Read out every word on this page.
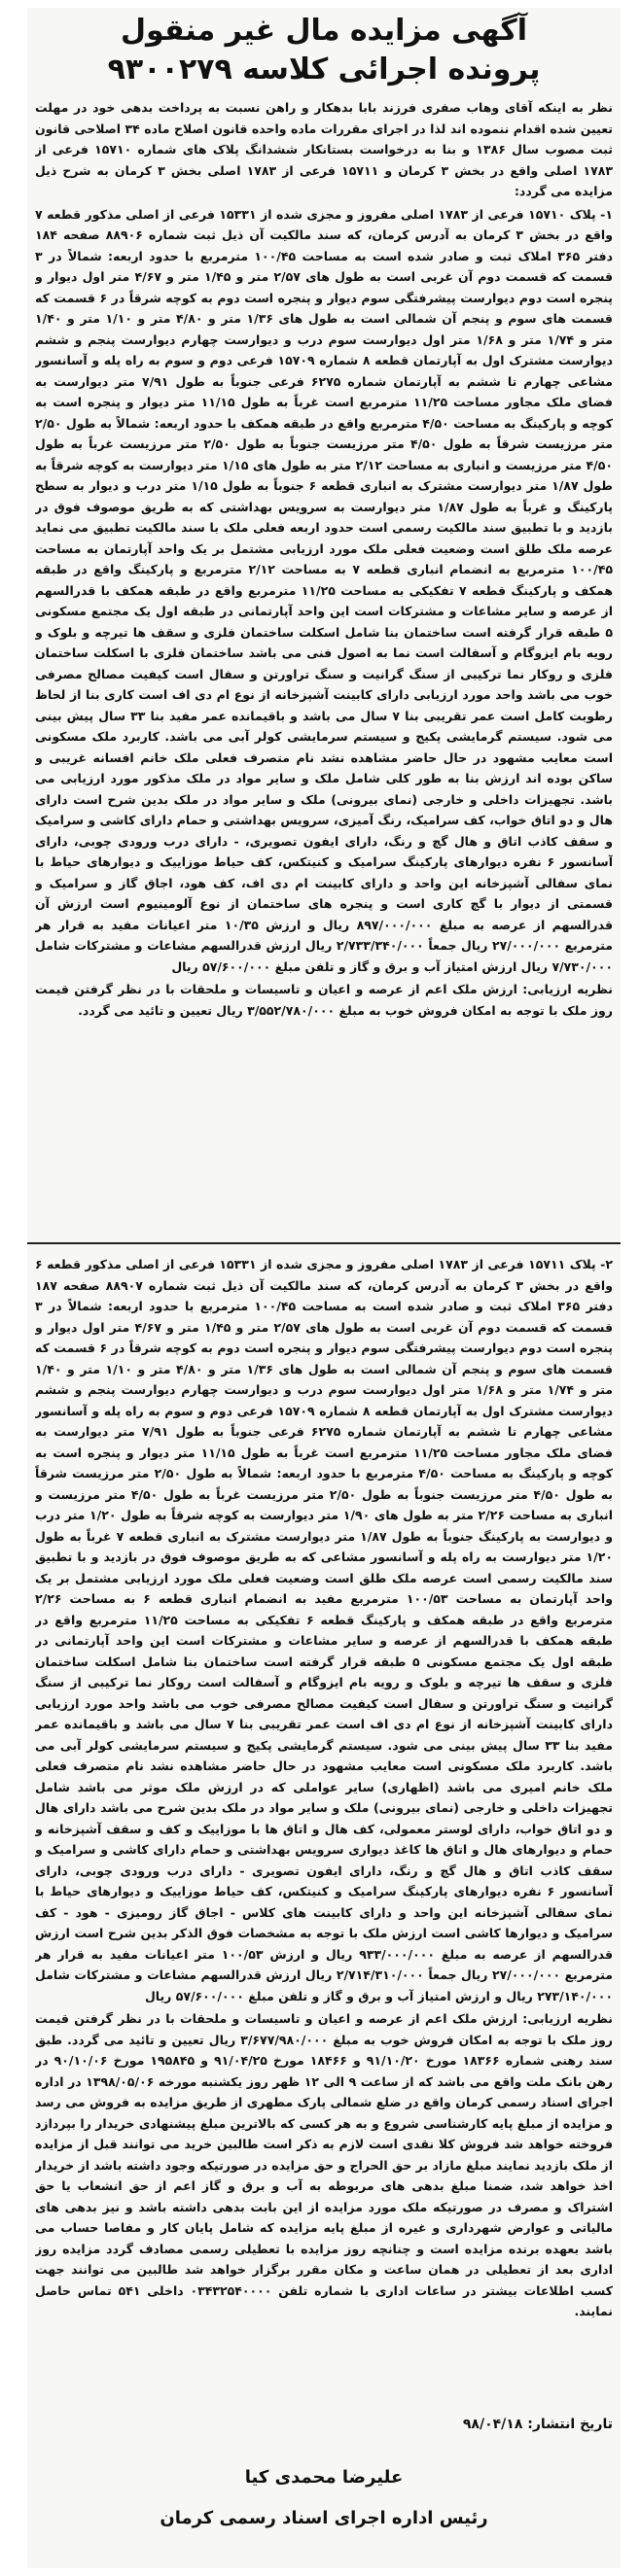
آگهی مزایده مال غیر منقول
پرونده اجرائی کلاسه ۹۳۰۰۲۷۹

نظر به اینکه آقای وهاب صفری فرزند بابا بدهکار و راهن نسبت به پرداخت بدهی خود در مهلت تعیین شده اقدام ننموده اند لذا در اجرای مقررات ماده واحده قانون اصلاح ماده ۳۴ اصلاحی قانون ثبت مصوب سال ۱۳۸۶ و بنا به درخواست بستانکار ششدانگ پلاک های شماره ۱۵۷۱۰ فرعی از ۱۷۸۳ اصلی واقع در بخش ۳ کرمان و ۱۵۷۱۱ فرعی از ۱۷۸۳ اصلی بخش ۳ کرمان به شرح ذیل مزایده می گردد:

۱- پلاک ۱۵۷۱۰ فرعی از ۱۷۸۳ اصلی مفروز و مجزی شده از ۱۵۳۳۱ فرعی از اصلی مذکور قطعه ۷ واقع در بخش ۳ کرمان به آدرس کرمان، که سند مالکیت آن ذیل ثبت شماره ۸۸۹۰۶ صفحه ۱۸۴ دفتر ۳۶۵ املاک ثبت و صادر شده است به مساحت ۱۰۰/۴۵ مترمربع با حدود اربعه: شمالاً در ۳ قسمت که قسمت دوم آن غربی است به طول های ۲/۵۷ متر و ۱/۴۵ متر و ۴/۶۷ متر اول دیوار و پنجره است دوم دیوارست پیشرفتگی سوم دیوار و پنجره است دوم به کوچه شرقاً در ۶ قسمت که قسمت های سوم و پنجم آن شمالی است به طول های ۱/۳۶ متر و ۴/۸۰ متر و ۱/۱۰ متر و ۱/۴۰ متر و ۱/۷۴ متر و ۱/۶۸ متر اول دیوارست سوم درب و دیوارست چهارم دیوارست پنجم و ششم دیوارست مشترک اول به آپارتمان قطعه ۸ شماره ۱۵۷۰۹ فرعی دوم و سوم به راه پله و آسانسور مشاعی چهارم تا ششم به آپارتمان شماره ۶۲۷۵ فرعی جنوباً به طول ۷/۹۱ متر دیوارست به فضای ملک مجاور مساحت ۱۱/۲۵ مترمربع است غرباً به طول ۱۱/۱۵ متر دیوار و پنجره است به کوچه و پارکینگ به مساحت ۴/۵۰ مترمربع واقع در طبقه همکف با حدود اربعه: شمالاً به طول ۲/۵۰ متر مرزیست شرقاً به طول ۴/۵۰ متر مرزیست جنوباً به طول ۲/۵۰ متر مرزیست غرباً به طول ۴/۵۰ متر مرزیست و انباری به مساحت ۲/۱۲ متر به طول های ۱/۱۵ متر دیوارست به کوچه شرقاً به طول ۱/۸۷ متر دیوارست مشترک به انباری قطعه ۶ جنوباً به طول ۱/۱۵ متر درب و دیوار به سطح پارکینگ و غرباً به طول ۱/۸۷ متر دیوارست به سرویس بهداشتی که به طریق موصوف فوق در بازدید و با تطبیق سند مالکیت رسمی است حدود اربعه فعلی ملک با سند مالکیت تطبیق می نماید عرصه ملک طلق است وضعیت فعلی ملک مورد ارزیابی مشتمل بر یک واحد آپارتمان به مساحت ۱۰۰/۴۵ مترمربع به انضمام انباری قطعه ۷ به مساحت ۲/۱۲ مترمربع و پارکینگ واقع در طبقه همکف و پارکینگ قطعه ۷ تفکیکی به مساحت ۱۱/۲۵ مترمربع واقع در طبقه همکف با قدرالسهم از عرصه و سایر مشاعات و مشترکات است این واحد آپارتمانی در طبقه اول یک مجتمع مسکونی ۵ طبقه قرار گرفته است ساختمان بنا شامل اسکلت ساختمان فلزی و سقف ها تیرچه و بلوک و رویه بام ایزوگام و آسفالت است نما به اصول فنی می باشد ساختمان فلزی با اسکلت ساختمان فلزی و روکار نما ترکیبی از سنگ گرانیت و سنگ تراورتن و سفال است کیفیت مصالح مصرفی خوب می باشد واحد مورد ارزیابی دارای کابینت آشپزخانه از نوع ام دی اف است کاری بنا از لحاظ رطوبت کامل است عمر تقریبی بنا ۷ سال می باشد و باقیمانده عمر مفید بنا ۳۳ سال پیش بینی می شود. سیستم گرمایشی پکیج و سیستم سرمایشی کولر آبی می باشد. کاربرد ملک مسکونی است معایب مشهود در حال حاضر مشاهده نشد نام متصرف فعلی ملک خانم افسانه غریبی و ساکن بوده اند ارزش بنا به طور کلی شامل ملک و سایر مواد در ملک مذکور مورد ارزیابی می باشد. تجهیزات داخلی و خارجی (نمای بیرونی) ملک و سایر مواد در ملک بدین شرح است دارای هال و دو اتاق خواب، کف سرامیک، رنگ آمیزی، سرویس بهداشتی و حمام دارای کاشی و سرامیک و سقف کاذب اتاق و هال گچ و رنگ، دارای ایفون تصویری، - دارای درب ورودی چوبی، دارای آسانسور ۶ نفره دیوارهای پارکینگ سرامیک و کنیتکس، کف حیاط موزاییک و دیوارهای حیاط با نمای سفالی آشپزخانه این واحد و دارای کابینت ام دی اف، کف هود، اجاق گاز و سرامیک و قسمتی از دیوار با گچ کاری است و پنجره های ساختمان از نوع آلومینیوم است ارزش آن قدرالسهم از عرصه به مبلغ ۸۹۷/۰۰۰/۰۰۰ ریال و ارزش ۱۰/۳۵ متر اعیانات مفید به قرار هر مترمربع ۲۷/۰۰۰/۰۰۰ ریال جمعاً ۲/۷۳۳/۳۴۰/۰۰۰ ریال ارزش قدرالسهم مشاعات و مشترکات شامل ۷/۷۳۰/۰۰۰ ریال ارزش امتیاز آب و برق و گاز و تلفن مبلغ ۵۷/۶۰۰/۰۰۰ ریال

نظریه ارزیابی: ارزش ملک اعم از عرصه و اعیان و تاسیسات و ملحقات با در نظر گرفتن قیمت روز ملک با توجه به امکان فروش خوب به مبلغ ۳/۵۵۲/۷۸۰/۰۰۰ ریال تعیین و تائید می گردد.

۲- پلاک ۱۵۷۱۱ فرعی از ۱۷۸۳ اصلی مفروز و مجزی شده از ۱۵۳۳۱ فرعی از اصلی مذکور قطعه ۶ واقع در بخش ۳ کرمان به آدرس کرمان، که سند مالکیت آن ذیل ثبت شماره ۸۸۹۰۷ صفحه ۱۸۷ دفتر ۳۶۵ املاک ثبت و صادر شده است به مساحت ۱۰۰/۴۵ مترمربع با حدود اربعه: شمالاً در ۳ قسمت که قسمت دوم آن غربی است به طول های ۲/۵۷ متر و ۱/۴۵ متر و ۴/۶۷ متر اول دیوار و پنجره است دوم دیوارست پیشرفتگی سوم دیوار و پنجره است دوم به کوچه شرقاً در ۶ قسمت که قسمت های سوم و پنجم آن شمالی است به طول های ۱/۳۶ متر و ۴/۸۰ متر و ۱/۱۰ متر و ۱/۴۰ متر و ۱/۷۴ متر و ۱/۶۸ متر اول دیوارست سوم درب و دیوارست چهارم دیوارست پنجم و ششم دیوارست مشترک اول به آپارتمان قطعه ۸ شماره ۱۵۷۰۹ فرعی دوم و سوم به راه پله و آسانسور مشاعی چهارم تا ششم به آپارتمان شماره ۶۲۷۵ فرعی جنوباً به طول ۷/۹۱ متر دیوارست به فضای ملک مجاور مساحت ۱۱/۲۵ مترمربع است غرباً به طول ۱۱/۱۵ متر دیوار و پنجره است به کوچه و پارکینگ به مساحت ۴/۵۰ مترمربع با حدود اربعه: شمالاً به طول ۲/۵۰ متر مرزیست شرقاً به طول ۴/۵۰ متر مرزیست جنوباً به طول ۲/۵۰ متر مرزیست غرباً به طول ۴/۵۰ متر مرزیست و انباری به مساحت ۲/۲۶ متر به طول های ۱/۹۰ متر دیوارست به کوچه شرقاً به طول ۱/۲۰ متر درب و دیوارست به پارکینگ جنوباً به طول ۱/۸۷ متر دیوارست مشترک به انباری قطعه ۷ غرباً به طول ۱/۲۰ متر دیوارست به راه پله و آسانسور مشاعی که به طریق موصوف فوق در بازدید و با تطبیق سند مالکیت رسمی است عرصه ملک طلق است وضعیت فعلی ملک مورد ارزیابی مشتمل بر یک واحد آپارتمان به مساحت ۱۰۰/۵۳ مترمربع مفید به انضمام انباری قطعه ۶ به مساحت ۲/۲۶ مترمربع واقع در طبقه همکف و پارکینگ قطعه ۶ تفکیکی به مساحت ۱۱/۲۵ مترمربع واقع در طبقه همکف با قدرالسهم از عرصه و سایر مشاعات و مشترکات است این واحد آپارتمانی در طبقه اول یک مجتمع مسکونی ۵ طبقه قرار گرفته است ساختمان بنا شامل اسکلت ساختمان فلزی و سقف ها تیرچه و بلوک و رویه بام ایزوگام و آسفالت است روکار نما ترکیبی از سنگ گرانیت و سنگ تراورتن و سفال است کیفیت مصالح مصرفی خوب می باشد واحد مورد ارزیابی دارای کابینت آشپزخانه از نوع ام دی اف است عمر تقریبی بنا ۷ سال می باشد و باقیمانده عمر مفید بنا ۳۳ سال پیش بینی می شود. سیستم گرمایشی پکیج و سیستم سرمایشی کولر آبی می باشد. کاربرد ملک مسکونی است معایب مشهود در حال حاضر مشاهده نشد نام متصرف فعلی ملک خانم امیری می باشد (اظهاری) سایر عواملی که در ارزش ملک موثر می باشد شامل تجهیزات داخلی و خارجی (نمای بیرونی) ملک و سایر مواد در ملک بدین شرح می باشد دارای هال و دو اتاق خواب، دارای لوستر معمولی، کف هال و اتاق ها با موزاییک و کف و سقف آشپزخانه و حمام و دیوارهای هال و اتاق ها کاغذ دیواری سرویس بهداشتی و حمام دارای کاشی و سرامیک و سقف کاذب اتاق و هال گچ و رنگ، دارای ایفون تصویری - دارای درب ورودی چوبی، دارای آسانسور ۶ نفره دیوارهای پارکینگ سرامیک و کنیتکس، کف حیاط موزاییک و دیوارهای حیاط با نمای سفالی آشپزخانه این واحد و دارای کابینت های کلاس - اجاق گاز رومیزی - هود - کف سرامیک و دیوارها کاشی است ارزش ملک با توجه به مشخصات فوق الذکر بدین شرح است ارزش قدرالسهم از عرصه به مبلغ ۹۳۳/۰۰۰/۰۰۰ ریال و ارزش ۱۰۰/۵۳ متر اعیانات مفید به قرار هر مترمربع ۲۷/۰۰۰/۰۰۰ ریال جمعاً ۲/۷۱۴/۳۱۰/۰۰۰ ریال ارزش قدرالسهم مشاعات و مشترکات شامل ۲۷۳/۱۴۰/۰۰۰ ریال و ارزش امتیاز آب و برق و گاز و تلفن مبلغ ۵۷/۶۰۰/۰۰۰ ریال

نظریه ارزیابی: ارزش ملک اعم از عرصه و اعیان و تاسیسات و ملحقات با در نظر گرفتن قیمت روز ملک با توجه به امکان فروش خوب به مبلغ ۳/۶۷۷/۹۸۰/۰۰۰ ریال تعیین و تائید می گردد. طبق سند رهنی شماره ۱۸۳۶۶ مورخ ۹۱/۱۰/۲۰ و ۱۸۴۶۶ مورخ ۹۱/۰۴/۲۵ و ۱۹۵۸۴۵ مورخ ۹۰/۱۰/۰۶ در رهن بانک ملت واقع می باشد که از ساعت ۹ الی ۱۲ ظهر روز یکشنبه مورخه ۱۳۹۸/۰۵/۰۶ در اداره اجرای اسناد رسمی کرمان واقع در ضلع شمالی پارک مطهری از طریق مزایده به فروش می رسد و مزایده از مبلغ پایه کارشناسی شروع و به هر کسی که بالاترین مبلغ پیشنهادی خریدار را بپردازد فروخته خواهد شد فروش کلا نقدی است لازم به ذکر است طالبین خرید می توانند قبل از مزایده از ملک بازدید نمایند مبلغ مازاد بر حق الحراج و حق مزایده در صورتیکه وجود داشته باشد از خریدار اخذ خواهد شد، ضمنا مبلغ بدهی های مربوطه به آب و برق و گاز اعم از حق انشعاب یا حق اشتراک و مصرف در صورتیکه ملک مورد مزایده از این بابت بدهی داشته باشد و نیز بدهی های مالیاتی و عوارض شهرداری و غیره از مبلغ پایه مزایده که شامل پایان کار و مفاصا حساب می باشد بعهده برنده مزایده است و چنانچه روز مزایده با تعطیلی رسمی مصادف گردد مزایده روز اداری بعد از تعطیلی در همان ساعت و مکان مقرر برگزار خواهد شد طالبین می توانند جهت کسب اطلاعات بیشتر در ساعات اداری با شماره تلفن ۰۳۴۳۲۵۴۰۰۰۰ داخلی ۵۴۱ تماس حاصل نمایند.

تاریخ انتشار: ۹۸/۰۴/۱۸
علیرضا محمدی کیا
رئیس اداره اجرای اسناد رسمی کرمان
